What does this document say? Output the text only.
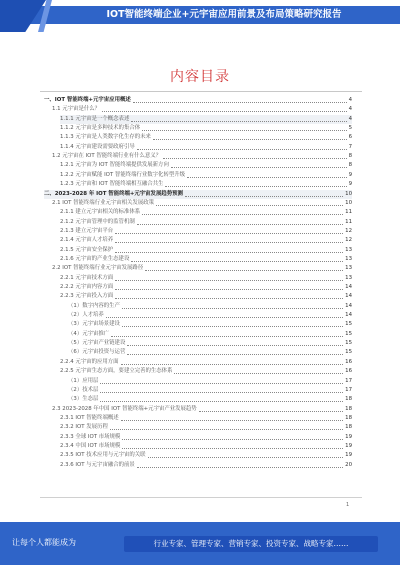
IOT智能终端企业+元宇宙应用前景及布局策略研究报告
内容目录
一、IOT 智能终端+元宇宙应用概述	4
1.1 元宇宙是什么？	4
1.1.1 元宇宙是一个概念表述	4
1.1.2 元宇宙是多种技术的集合体	5
1.1.3 元宇宙是人类数字化生存的未来	6
1.1.4 元宇宙建设需要政府引导	7
1.2 元宇宙在 IOT 智能终端行业有什么意义？	8
1.2.1 元宇宙为 IOT 智能终端提供发展新方向	8
1.2.2 元宇宙赋能 IOT 智能终端行业数字化转型升级	9
1.2.3 元宇宙和 IOT 智能终端相互融合共生	9
二、2023-2028 年 IOT 智能终端+元宇宙发展趋势预测	10
2.1 IOT 智能终端行业元宇宙相关发展政策	10
2.1.1 建立元宇宙相关的标准体系	11
2.1.2 元宇宙管理中的监管机制	11
2.1.3 建立元宇宙平台	12
2.1.4 元宇宙人才培养	12
2.1.5 元宇宙安全保护	13
2.1.6 元宇宙的产业生态建设	13
2.2 IOT 智能终端行业元宇宙发展路径	13
2.2.1 元宇宙技术方面	13
2.2.2 元宇宙内容方面	14
2.2.3 元宇宙投入方面	14
（1）数字内容的生产	14
（2）人才培养	14
（3）元宇宙场景建设	15
（4）元宇宙推广	15
（5）元宇宙产业链建设	15
（6）元宇宙投资与运营	15
2.2.4 元宇宙的应用方面	16
2.2.5 元宇宙生态方面，要建立完善的生态体系	16
（1）应用层	17
（2）技术层	17
（3）生态层	18
2.3 2023-2028 年中国 IOT 智能终端+元宇宙产业发展趋势	18
2.3.1 IOT 智能终端概述	18
2.3.2 IOT 发展历程	18
2.3.3 全球 IOT 市场规模	19
2.3.4 中国 IOT 市场规模	19
2.3.5 IOT 技术应用与元宇宙的关联	19
2.3.6 IOT 与元宇宙融合的前景	20
1
让每个人都能成为	行业专家、管理专家、营销专家、投资专家、战略专家……
